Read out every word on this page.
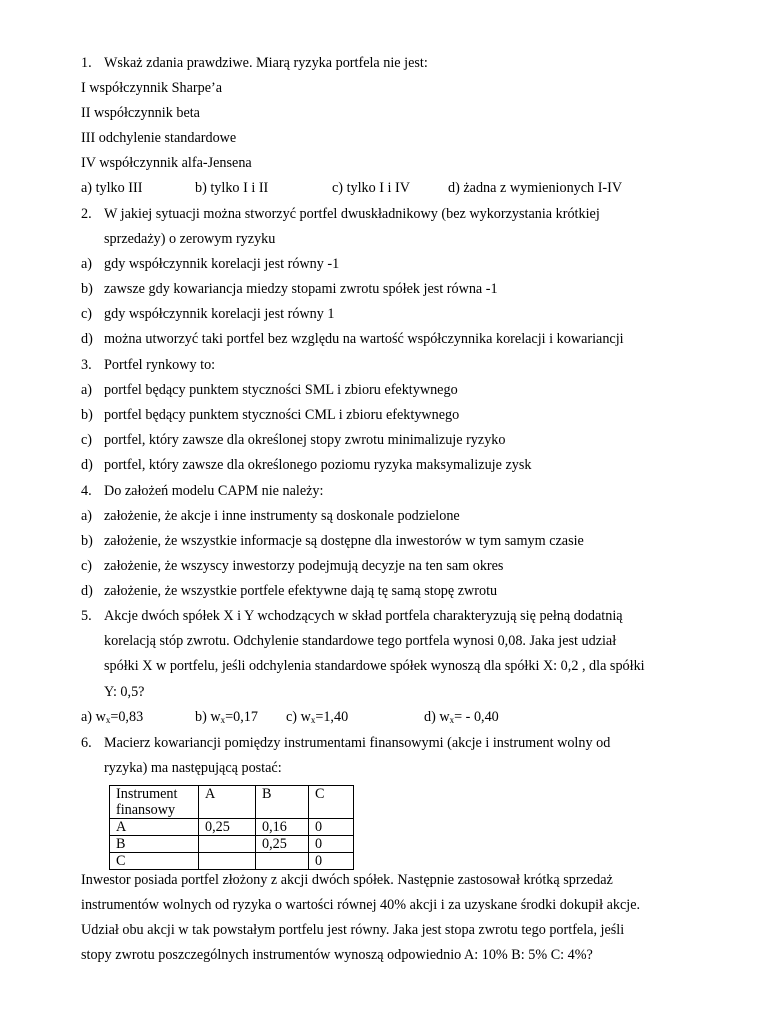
1. Wskaż zdania prawdziwe. Miarą ryzyka portfela nie jest:
I współczynnik Sharpe’a
II współczynnik beta
III odchylenie standardowe
IV współczynnik alfa-Jensena
a) tylko III	b) tylko I i II	c) tylko I i IV	d) żadna z wymienionych I-IV
2. W jakiej sytuacji można stworzyć portfel dwuskładnikowy (bez wykorzystania krótkiej
sprzedaży) o zerowym ryzyku
a) gdy współczynnik korelacji jest równy -1
b) zawsze gdy kowariancja miedzy stopami zwrotu spółek jest równa -1
c) gdy współczynnik korelacji jest równy 1
d) można utworzyć taki portfel bez względu na wartość współczynnika korelacji i kowariancji
3. Portfel rynkowy to:
a) portfel będący punktem styczności SML i zbioru efektywnego
b) portfel będący punktem styczności CML i zbioru efektywnego
c) portfel, który zawsze dla określonej stopy zwrotu minimalizuje ryzyko
d) portfel, który zawsze dla określonego poziomu ryzyka maksymalizuje zysk
4. Do założeń modelu CAPM nie należy:
a) założenie, że akcje i inne instrumenty są doskonale podzielone
b) założenie, że wszystkie informacje są dostępne dla inwestorów w tym samym czasie
c) założenie, że wszyscy inwestorzy podejmują decyzje na ten sam okres
d) założenie, że wszystkie portfele efektywne dają tę samą stopę zwrotu
5. Akcje dwóch spółek X i Y wchodzących w skład portfela charakteryzują się pełną dodatnią
korelacją stóp zwrotu. Odchylenie standardowe tego portfela wynosi 0,08. Jaka jest udział
spółki X w portfelu, jeśli odchylenia standardowe spółek wynoszą dla spółki X: 0,2 , dla spółki
Y: 0,5?
a) $w_x=0,83$	b) $w_x=0,17$ c) $w_x=1,40$	d) $w_x= - 0,40$
6. Macierz kowariancji pomiędzy instrumentami finansowymi (akcje i instrument wolny od
ryzyka) ma następującą postać:
Instrument finansowy	A	B	C
A	0,25	0,16	0
B		0,25	0
C			0
Inwestor posiada portfel złożony z akcji dwóch spółek. Następnie zastosował krótką sprzedaż
instrumentów wolnych od ryzyka o wartości równej 40% akcji i za uzyskane środki dokupił akcje.
Udział obu akcji w tak powstałym portfelu jest równy. Jaka jest stopa zwrotu tego portfela, jeśli
stopy zwrotu poszczególnych instrumentów wynoszą odpowiednio A: 10% B: 5% C: 4%?
